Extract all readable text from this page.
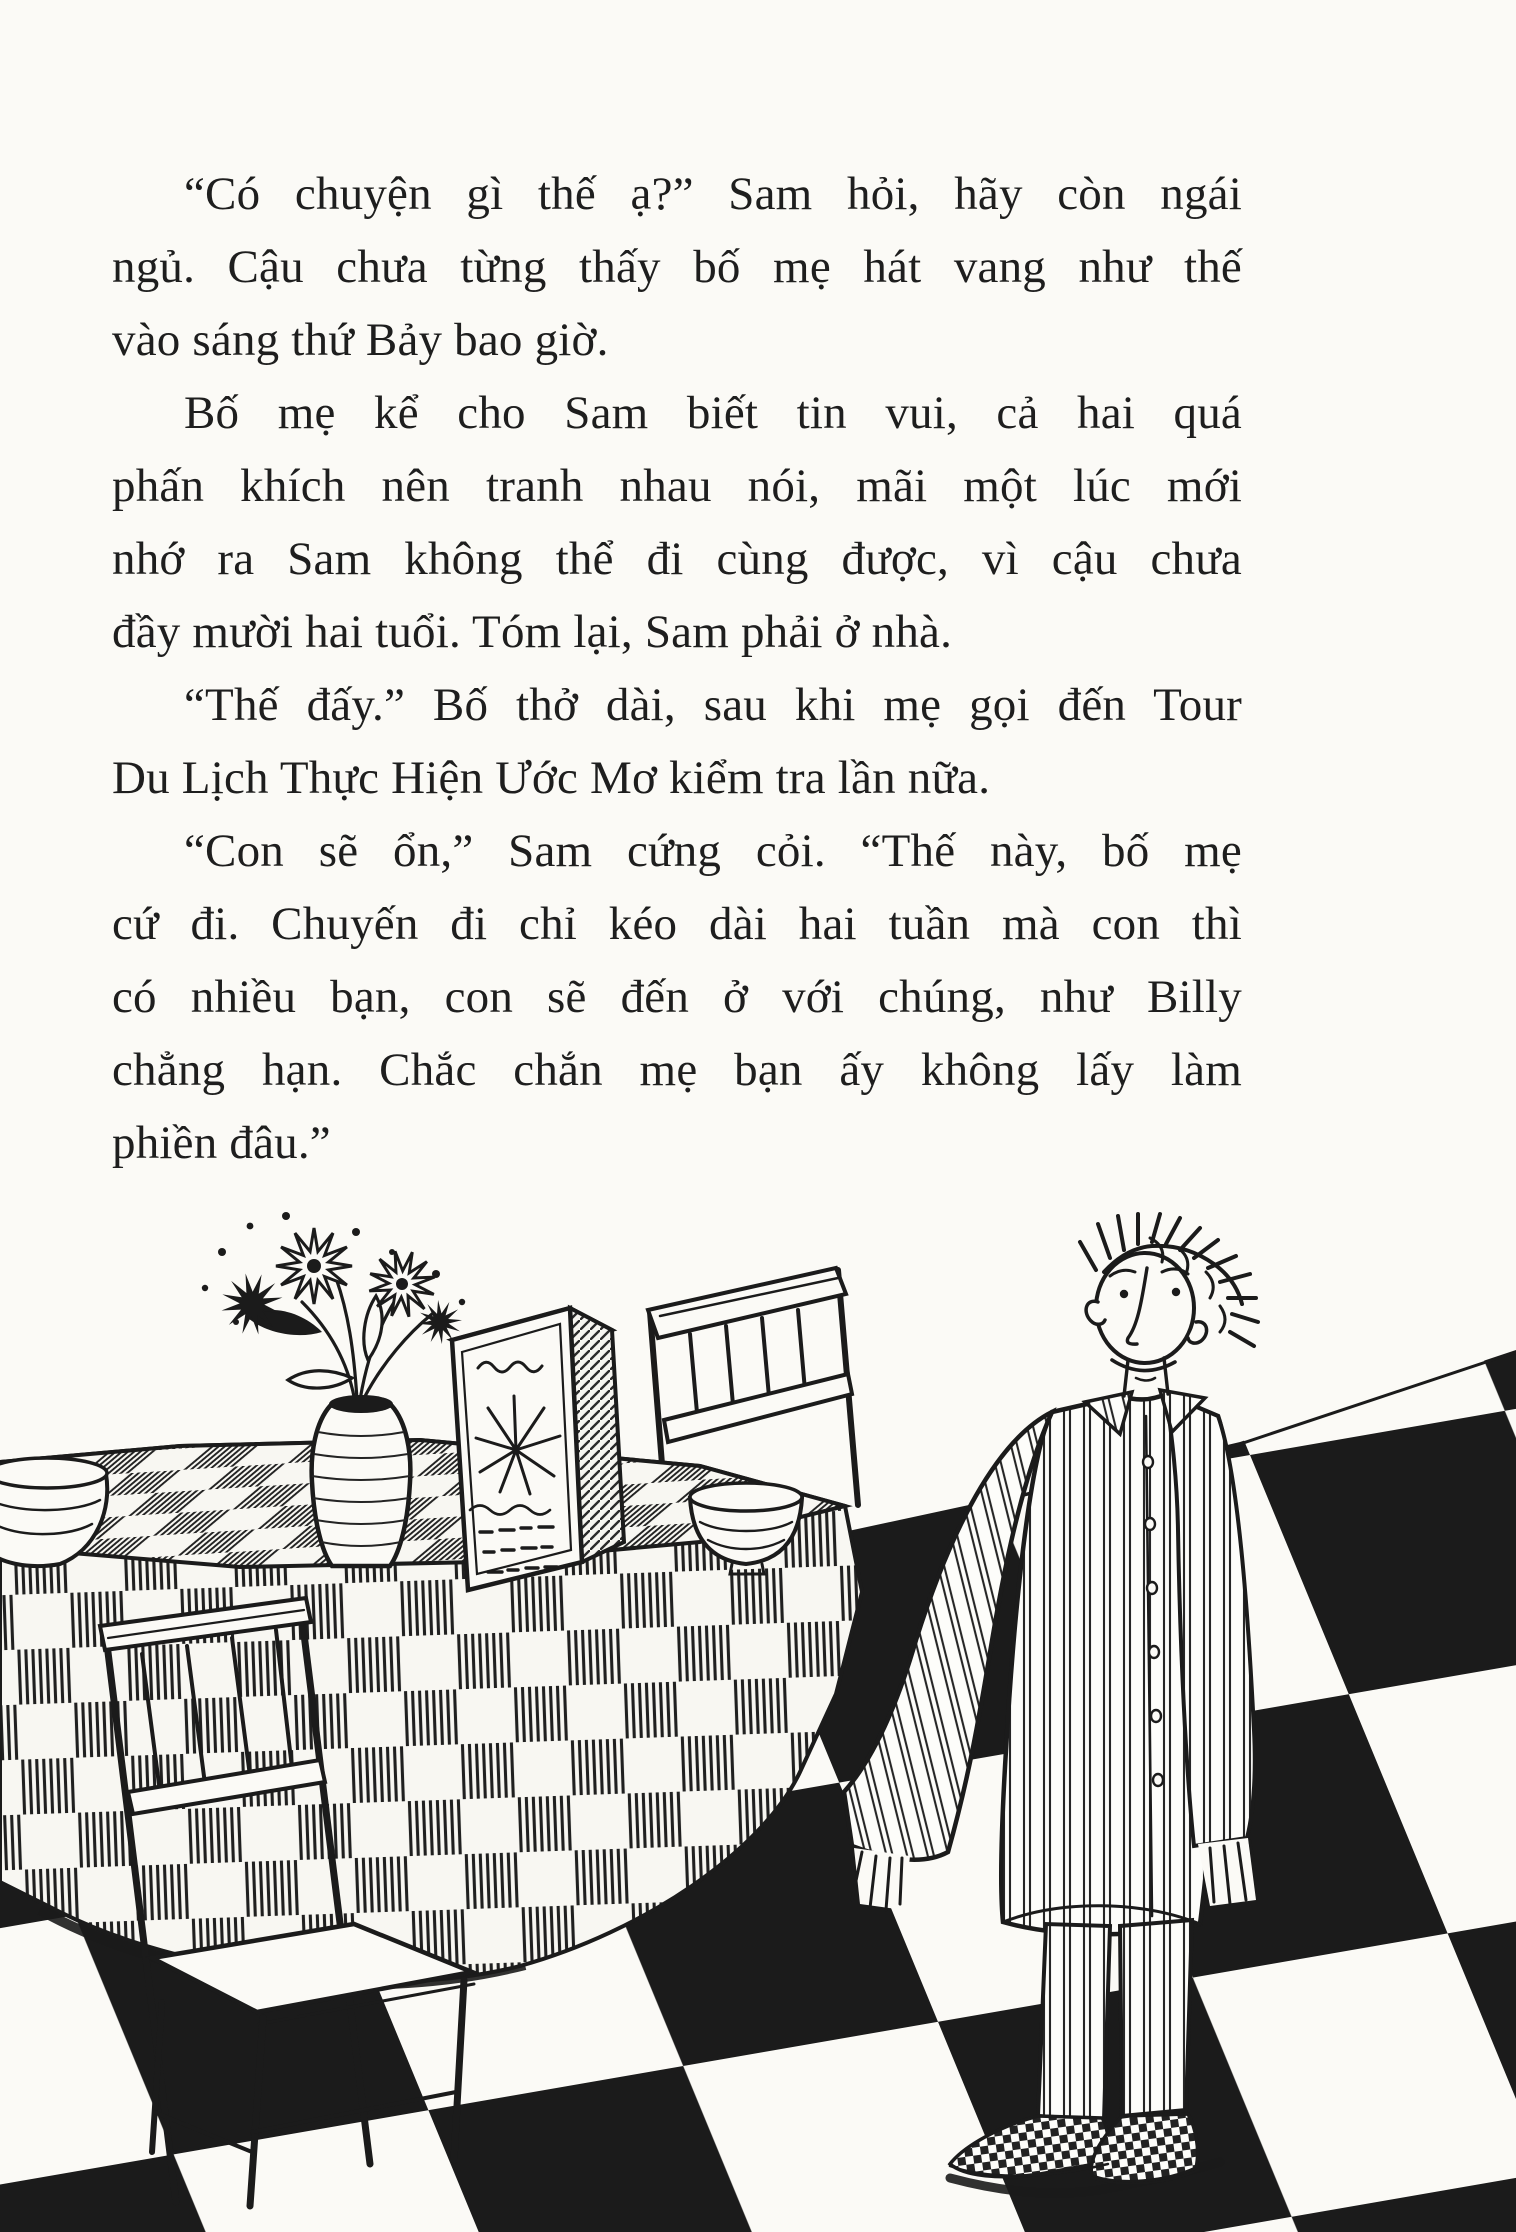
“Có chuyện gì thế ạ?” Sam hỏi, hãy còn ngái
ngủ. Cậu chưa từng thấy bố mẹ hát vang như thế
vào sáng thứ Bảy bao giờ.
Bố mẹ kể cho Sam biết tin vui, cả hai quá
phấn khích nên tranh nhau nói, mãi một lúc mới
nhớ ra Sam không thể đi cùng được, vì cậu chưa
đầy mười hai tuổi. Tóm lại, Sam phải ở nhà.
“Thế đấy.” Bố thở dài, sau khi mẹ gọi đến Tour
Du Lịch Thực Hiện Ước Mơ kiểm tra lần nữa.
“Con sẽ ổn,” Sam cứng cỏi. “Thế này, bố mẹ
cứ đi. Chuyến đi chỉ kéo dài hai tuần mà con thì
có nhiều bạn, con sẽ đến ở với chúng, như Billy
chẳng hạn. Chắc chắn mẹ bạn ấy không lấy làm
phiền đâu.”
